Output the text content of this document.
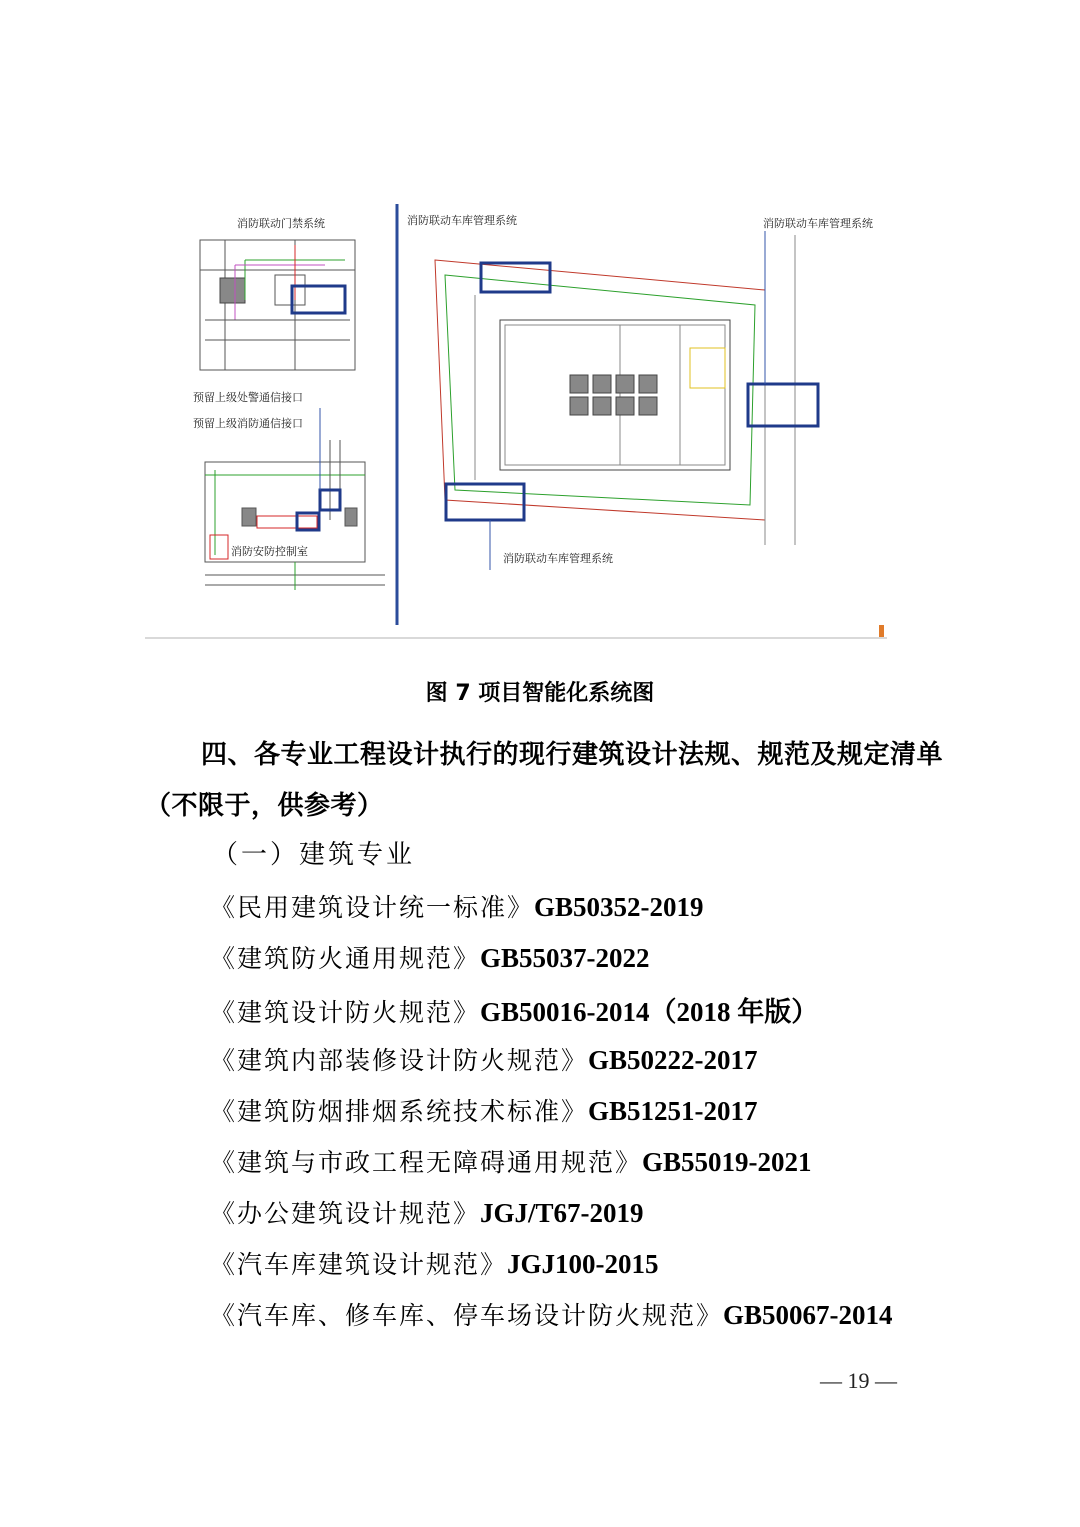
消防联动门禁系统	消防联动车库管理系统	消防联动车库管理系统
预留上级处警通信接口
预留上级消防通信接口
消防安防控制室
消防联动车库管理系统
图 7 项目智能化系统图
四、各专业工程设计执行的现行建筑设计法规、规范及规定清单（不限于，供参考）
（一）建筑专业
《民用建筑设计统一标准》GB50352-2019
《建筑防火通用规范》GB55037-2022
《建筑设计防火规范》GB50016-2014（2018 年版）
《建筑内部装修设计防火规范》GB50222-2017
《建筑防烟排烟系统技术标准》GB51251-2017
《建筑与市政工程无障碍通用规范》GB55019-2021
《办公建筑设计规范》JGJ/T67-2019
《汽车库建筑设计规范》JGJ100-2015
《汽车库、修车库、停车场设计防火规范》GB50067-2014
— 19 —
